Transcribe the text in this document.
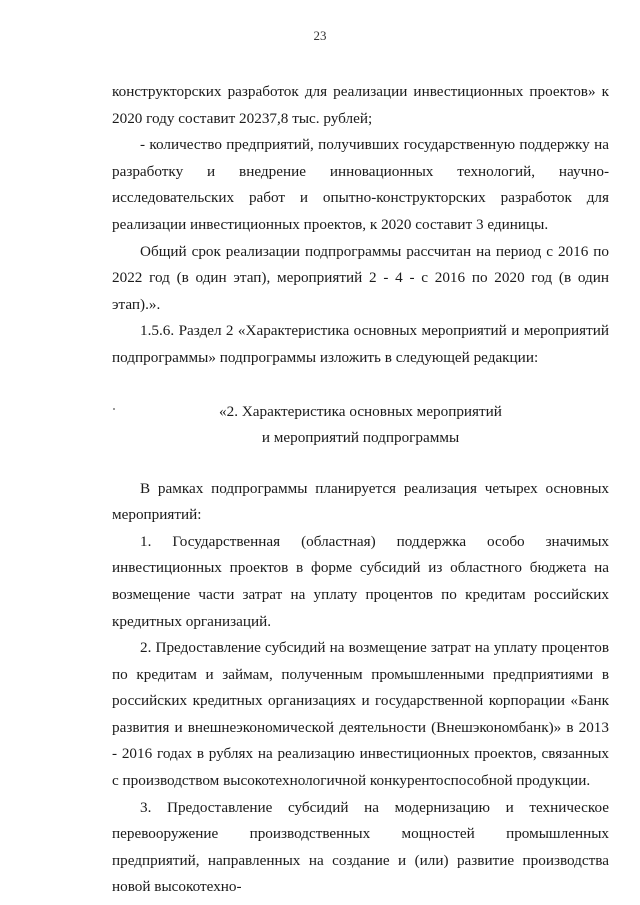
23

конструкторских разработок для реализации инвестиционных проектов» к 2020 году составит 20237,8 тыс. рублей;

- количество предприятий, получивших государственную поддержку на разработку и внедрение инновационных технологий, научно-исследовательских работ и опытно-конструкторских разработок для реализации инвестиционных проектов, к 2020 составит 3 единицы.

Общий срок реализации подпрограммы рассчитан на период с 2016 по 2022 год (в один этап), мероприятий 2 - 4 - с 2016 по 2020 год (в один этап).».

1.5.6. Раздел 2 «Характеристика основных мероприятий и мероприятий подпрограммы» подпрограммы изложить в следующей редакции:

«2. Характеристика основных мероприятий
и мероприятий подпрограммы

В рамках подпрограммы планируется реализация четырех основных мероприятий:

1. Государственная (областная) поддержка особо значимых инвестиционных проектов в форме субсидий из областного бюджета на возмещение части затрат на уплату процентов по кредитам российских кредитных организаций.

2. Предоставление субсидий на возмещение затрат на уплату процентов по кредитам и займам, полученным промышленными предприятиями в российских кредитных организациях и государственной корпорации «Банк развития и внешнеэкономической деятельности (Внешэкономбанк)» в 2013 - 2016 годах в рублях на реализацию инвестиционных проектов, связанных с производством высокотехнологичной конкурентоспособной продукции.

3. Предоставление субсидий на модернизацию и техническое перевооружение производственных мощностей промышленных предприятий, направленных на создание и (или) развитие производства новой высокотехно-
